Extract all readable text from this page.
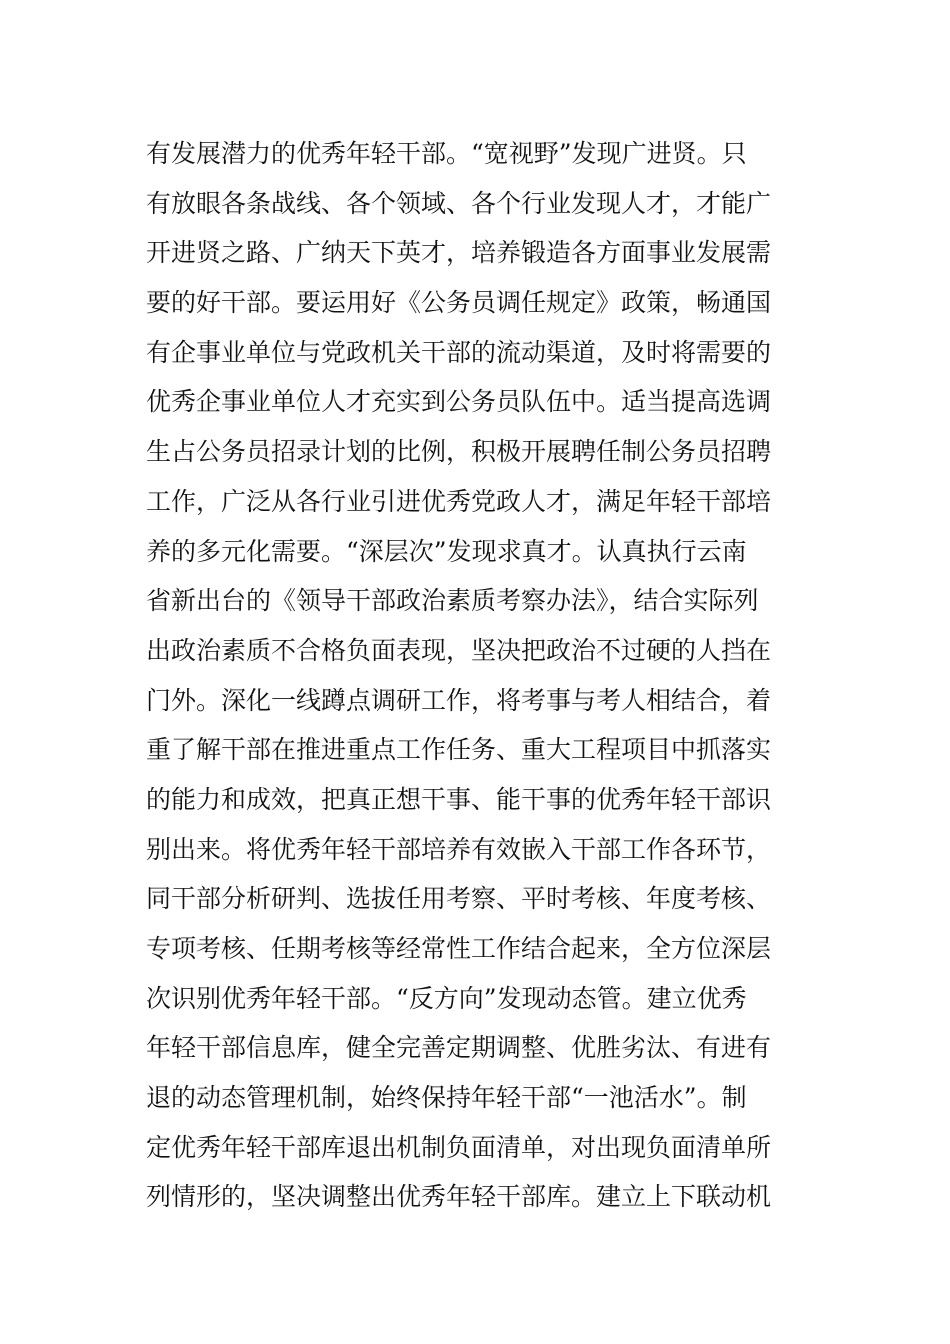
有发展潜力的优秀年轻干部。“宽视野”发现广进贤。只
有放眼各条战线、各个领域、各个行业发现人才，才能广
开进贤之路、广纳天下英才，培养锻造各方面事业发展需
要的好干部。要运用好《公务员调任规定》政策，畅通国
有企事业单位与党政机关干部的流动渠道，及时将需要的
优秀企事业单位人才充实到公务员队伍中。适当提高选调
生占公务员招录计划的比例，积极开展聘任制公务员招聘
工作，广泛从各行业引进优秀党政人才，满足年轻干部培
养的多元化需要。“深层次”发现求真才。认真执行云南
省新出台的《领导干部政治素质考察办法》，结合实际列
出政治素质不合格负面表现，坚决把政治不过硬的人挡在
门外。深化一线蹲点调研工作，将考事与考人相结合，着
重了解干部在推进重点工作任务、重大工程项目中抓落实
的能力和成效，把真正想干事、能干事的优秀年轻干部识
别出来。将优秀年轻干部培养有效嵌入干部工作各环节，
同干部分析研判、选拔任用考察、平时考核、年度考核、
专项考核、任期考核等经常性工作结合起来，全方位深层
次识别优秀年轻干部。“反方向”发现动态管。建立优秀
年轻干部信息库，健全完善定期调整、优胜劣汰、有进有
退的动态管理机制，始终保持年轻干部“一池活水”。制
定优秀年轻干部库退出机制负面清单，对出现负面清单所
列情形的，坚决调整出优秀年轻干部库。建立上下联动机
